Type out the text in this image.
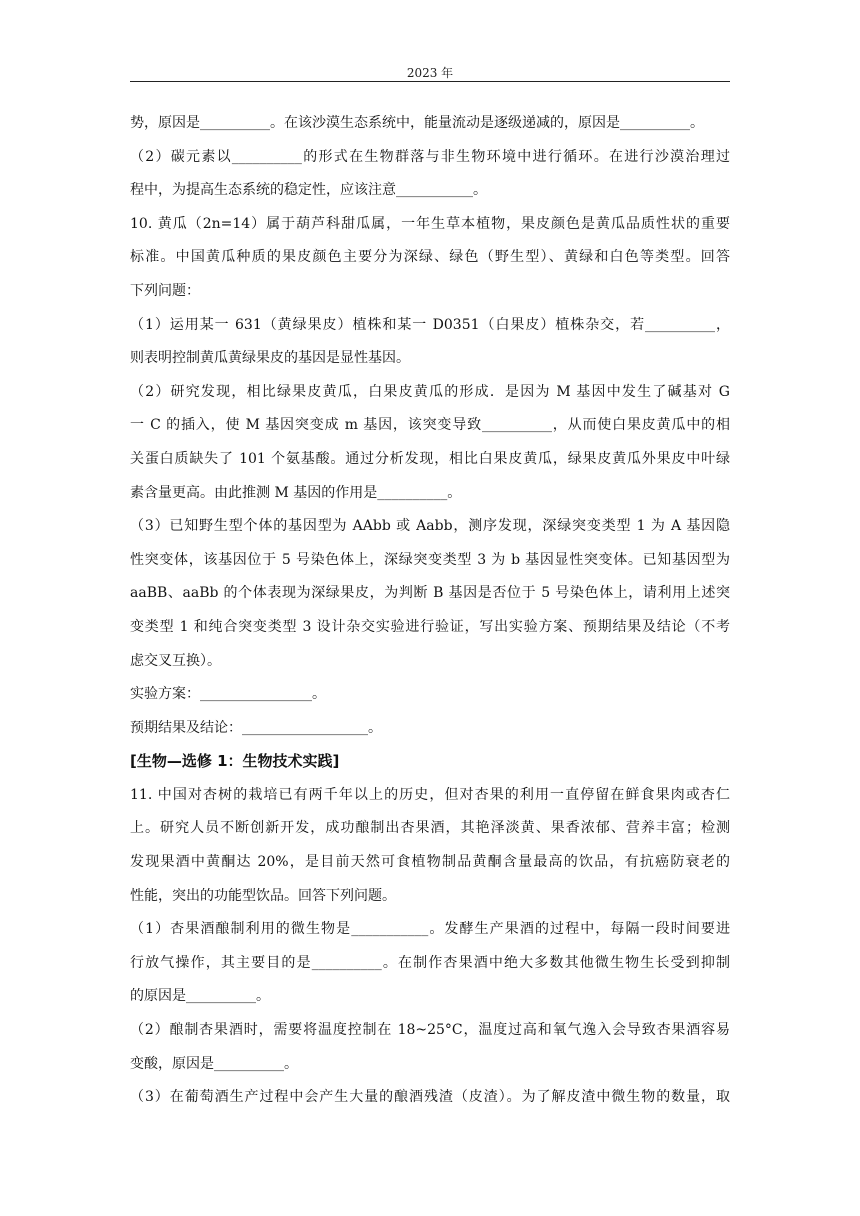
2023 年
势，原因是__________。在该沙漠生态系统中，能量流动是逐级递减的，原因是__________。
（2）碳元素以__________的形式在生物群落与非生物环境中进行循环。在进行沙漠治理过
程中，为提高生态系统的稳定性，应该注意___________。
10. 黄瓜（2n=14）属于葫芦科甜瓜属，一年生草本植物，果皮颜色是黄瓜品质性状的重要
标准。中国黄瓜种质的果皮颜色主要分为深绿、绿色（野生型）、黄绿和白色等类型。回答
下列问题：
（1）运用某一 631（黄绿果皮）植株和某一 D0351（白果皮）植株杂交，若__________，
则表明控制黄瓜黄绿果皮的基因是显性基因。
（2）研究发现，相比绿果皮黄瓜，白果皮黄瓜的形成．是因为 M 基因中发生了碱基对 G
一 C 的插入，使 M 基因突变成 m 基因，该突变导致__________，从而使白果皮黄瓜中的相
关蛋白质缺失了 101 个氨基酸。通过分析发现，相比白果皮黄瓜，绿果皮黄瓜外果皮中叶绿
素含量更高。由此推测 M 基因的作用是__________。
（3）已知野生型个体的基因型为 AAbb 或 Aabb，测序发现，深绿突变类型 1 为 A 基因隐
性突变体，该基因位于 5 号染色体上，深绿突变类型 3 为 b 基因显性突变体。已知基因型为
aaBB、aaBb 的个体表现为深绿果皮，为判断 B 基因是否位于 5 号染色体上，请利用上述突
变类型 1 和纯合突变类型 3 设计杂交实验进行验证，写出实验方案、预期结果及结论（不考
虑交叉互换）。
实验方案：________________。
预期结果及结论：__________________。
[生物—选修 1：生物技术实践]
11. 中国对杏树的栽培已有两千年以上的历史，但对杏果的利用一直停留在鲜食果肉或杏仁
上。研究人员不断创新开发，成功酿制出杏果酒，其艳泽淡黄、果香浓郁、营养丰富；检测
发现果酒中黄酮达 20%，是目前天然可食植物制品黄酮含量最高的饮品，有抗癌防衰老的
性能，突出的功能型饮品。回答下列问题。
（1）杏果酒酿制利用的微生物是___________。发酵生产果酒的过程中，每隔一段时间要进
行放气操作，其主要目的是__________。在制作杏果酒中绝大多数其他微生物生长受到抑制
的原因是__________。
（2）酿制杏果酒时，需要将温度控制在 18~25°C，温度过高和氧气逸入会导致杏果酒容易
变酸，原因是__________。
（3）在葡萄酒生产过程中会产生大量的酿酒残渣（皮渣）。为了解皮渣中微生物的数量，取
